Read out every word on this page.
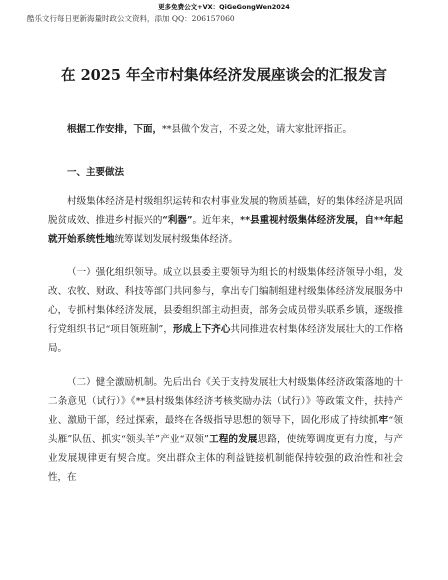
更多免费公文+VX：QiGeGongWen2024
酷乐文行每日更新海量时政公文资料，添加 QQ：206157060
在 2025 年全市村集体经济发展座谈会的汇报发言

根据工作安排，下面，**县做个发言，不妥之处，请大家批评指正。

一、主要做法

村级集体经济是村级组织运转和农村事业发展的物质基础，好的集体经济是巩固脱贫成效、推进乡村振兴的“利器”。近年来，**县重视村级集体经济发展，自**年起就开始系统性地统筹谋划发展村级集体经济。

（一）强化组织领导。成立以县委主要领导为组长的村级集体经济领导小组，发改、农牧、财政、科技等部门共同参与，拿出专门编制组建村级集体经济发展服务中心，专抓村集体经济发展，县委组织部主动担责，部务会成员带头联系乡镇，逐级推行党组织书记“项目领班制”，形成上下齐心共同推进农村集体经济发展壮大的工作格局。

（二）健全激励机制。先后出台《关于支持发展壮大村级集体经济政策落地的十二条意见（试行）》《**县村级集体经济考核奖励办法（试行）》等政策文件，扶持产业、激励干部，经过探索，最终在各级指导思想的领导下，固化形成了持续抓牢“领头雁”队伍、抓实“领头羊”产业“双领”工程的发展思路，使统筹调度更有力度，与产业发展规律更有契合度。突出群众主体的利益链接机制能保持较强的政治性和社会性，在
